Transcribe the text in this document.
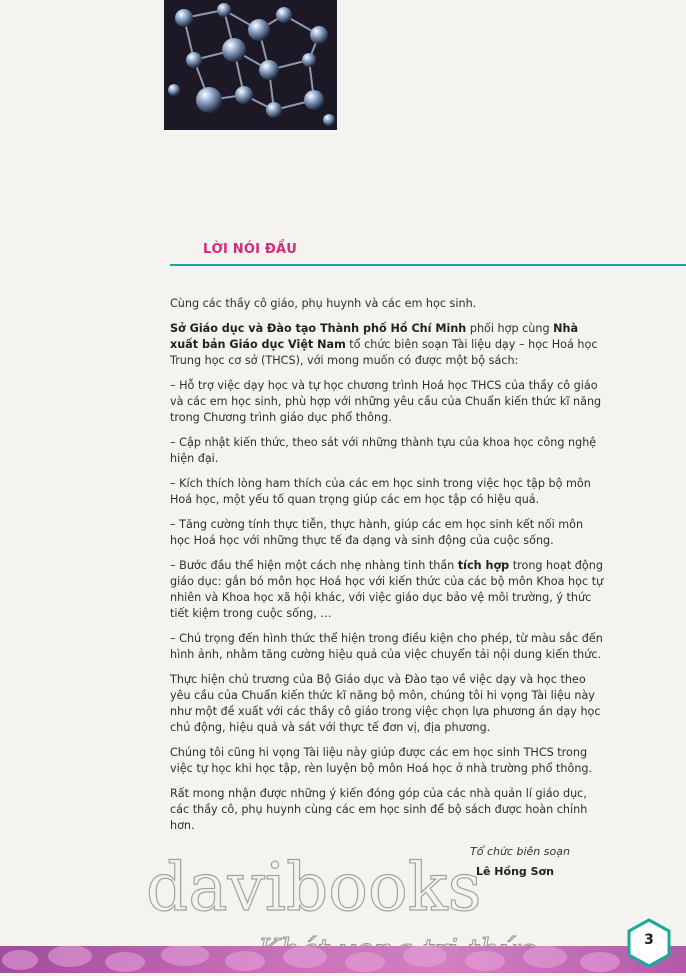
LỜI NÓI ĐẦU

Cùng các thầy cô giáo, phụ huynh và các em học sinh.

Sở Giáo dục và Đào tạo Thành phố Hồ Chí Minh phối hợp cùng Nhà xuất bản Giáo dục Việt Nam tổ chức biên soạn Tài liệu dạy – học Hoá học Trung học cơ sở (THCS), với mong muốn có được một bộ sách:

– Hỗ trợ việc dạy học và tự học chương trình Hoá học THCS của thầy cô giáo và các em học sinh, phù hợp với những yêu cầu của Chuẩn kiến thức kĩ năng trong Chương trình giáo dục phổ thông.

– Cập nhật kiến thức, theo sát với những thành tựu của khoa học công nghệ hiện đại.

– Kích thích lòng ham thích của các em học sinh trong việc học tập bộ môn Hoá học, một yếu tố quan trọng giúp các em học tập có hiệu quả.

– Tăng cường tính thực tiễn, thực hành, giúp các em học sinh kết nối môn học Hoá học với những thực tế đa dạng và sinh động của cuộc sống.

– Bước đầu thể hiện một cách nhẹ nhàng tinh thần tích hợp trong hoạt động giáo dục: gắn bó môn học Hoá học với kiến thức của các bộ môn Khoa học tự nhiên và Khoa học xã hội khác, với việc giáo dục bảo vệ môi trường, ý thức tiết kiệm trong cuộc sống, …

– Chú trọng đến hình thức thể hiện trong điều kiện cho phép, từ màu sắc đến hình ảnh, nhằm tăng cường hiệu quả của việc chuyển tải nội dung kiến thức.

Thực hiện chủ trương của Bộ Giáo dục và Đào tạo về việc dạy và học theo yêu cầu của Chuẩn kiến thức kĩ năng bộ môn, chúng tôi hi vọng Tài liệu này như một đề xuất với các thầy cô giáo trong việc chọn lựa phương án dạy học chủ động, hiệu quả và sát với thực tế đơn vị, địa phương.

Chúng tôi cũng hi vọng Tài liệu này giúp được các em học sinh THCS trong việc tự học khi học tập, rèn luyện bộ môn Hoá học ở nhà trường phổ thông.

Rất mong nhận được những ý kiến đóng góp của các nhà quản lí giáo dục, các thầy cô, phụ huynh cùng các em học sinh để bộ sách được hoàn chỉnh hơn.

Tổ chức biên soạn
Lê Hồng Sơn
davibooks
3
